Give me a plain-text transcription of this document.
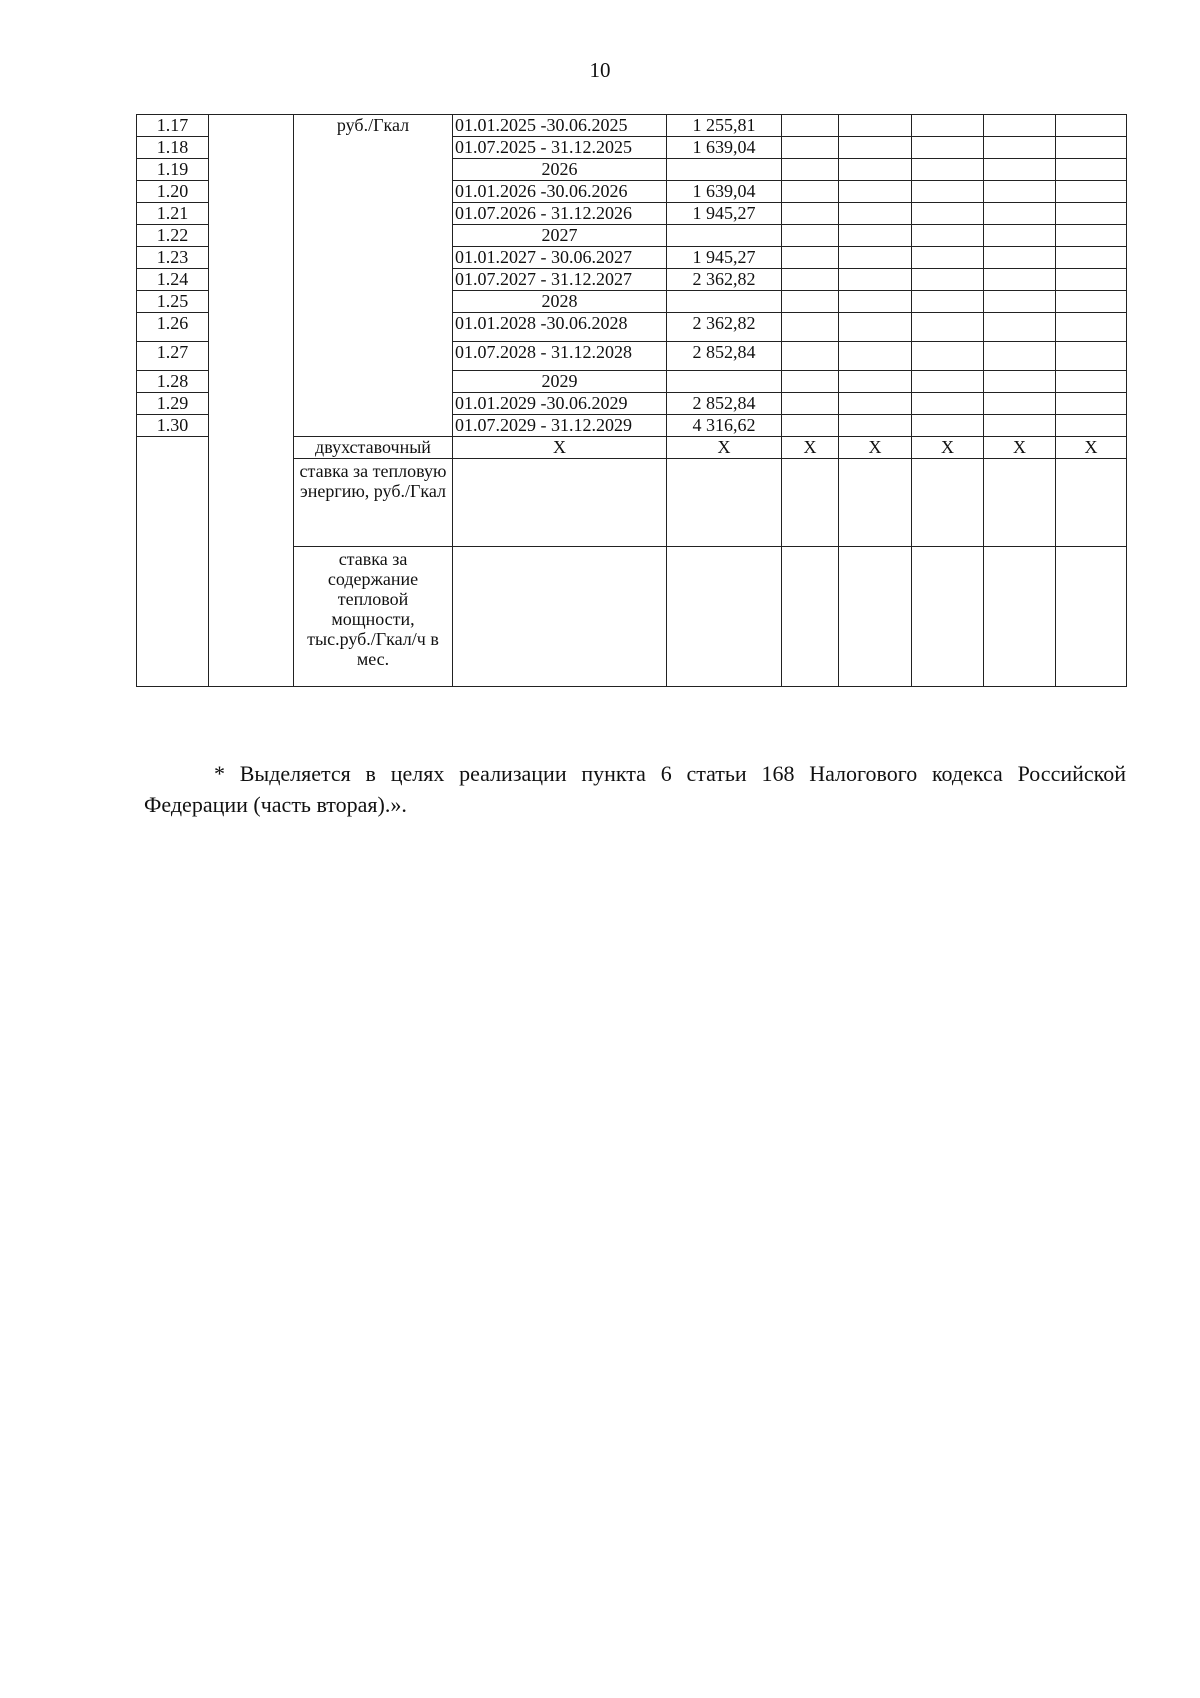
10
1.17		руб./Гкал	01.01.2025 -30.06.2025	1 255,81					
1.18			01.07.2025 - 31.12.2025	1 639,04					
1.19			2026						
1.20			01.01.2026 -30.06.2026	1 639,04					
1.21			01.07.2026 - 31.12.2026	1 945,27					
1.22			2027						
1.23			01.01.2027 - 30.06.2027	1 945,27					
1.24			01.07.2027 - 31.12.2027	2 362,82					
1.25			2028						
1.26			01.01.2028 -30.06.2028	2 362,82					
1.27			01.07.2028 - 31.12.2028	2 852,84					
1.28			2029						
1.29			01.01.2029 -30.06.2029	2 852,84					
1.30			01.07.2029 - 31.12.2029	4 316,62					
		двухставочный	X	X	X	X	X	X	X
		ставка за тепловую энергию, руб./Гкал							
		ставка за содержание тепловой мощности, тыс.руб./Гкал/ч в мес.							
* Выделяется в целях реализации пункта 6 статьи 168 Налогового кодекса Российской Федерации (часть вторая).».
